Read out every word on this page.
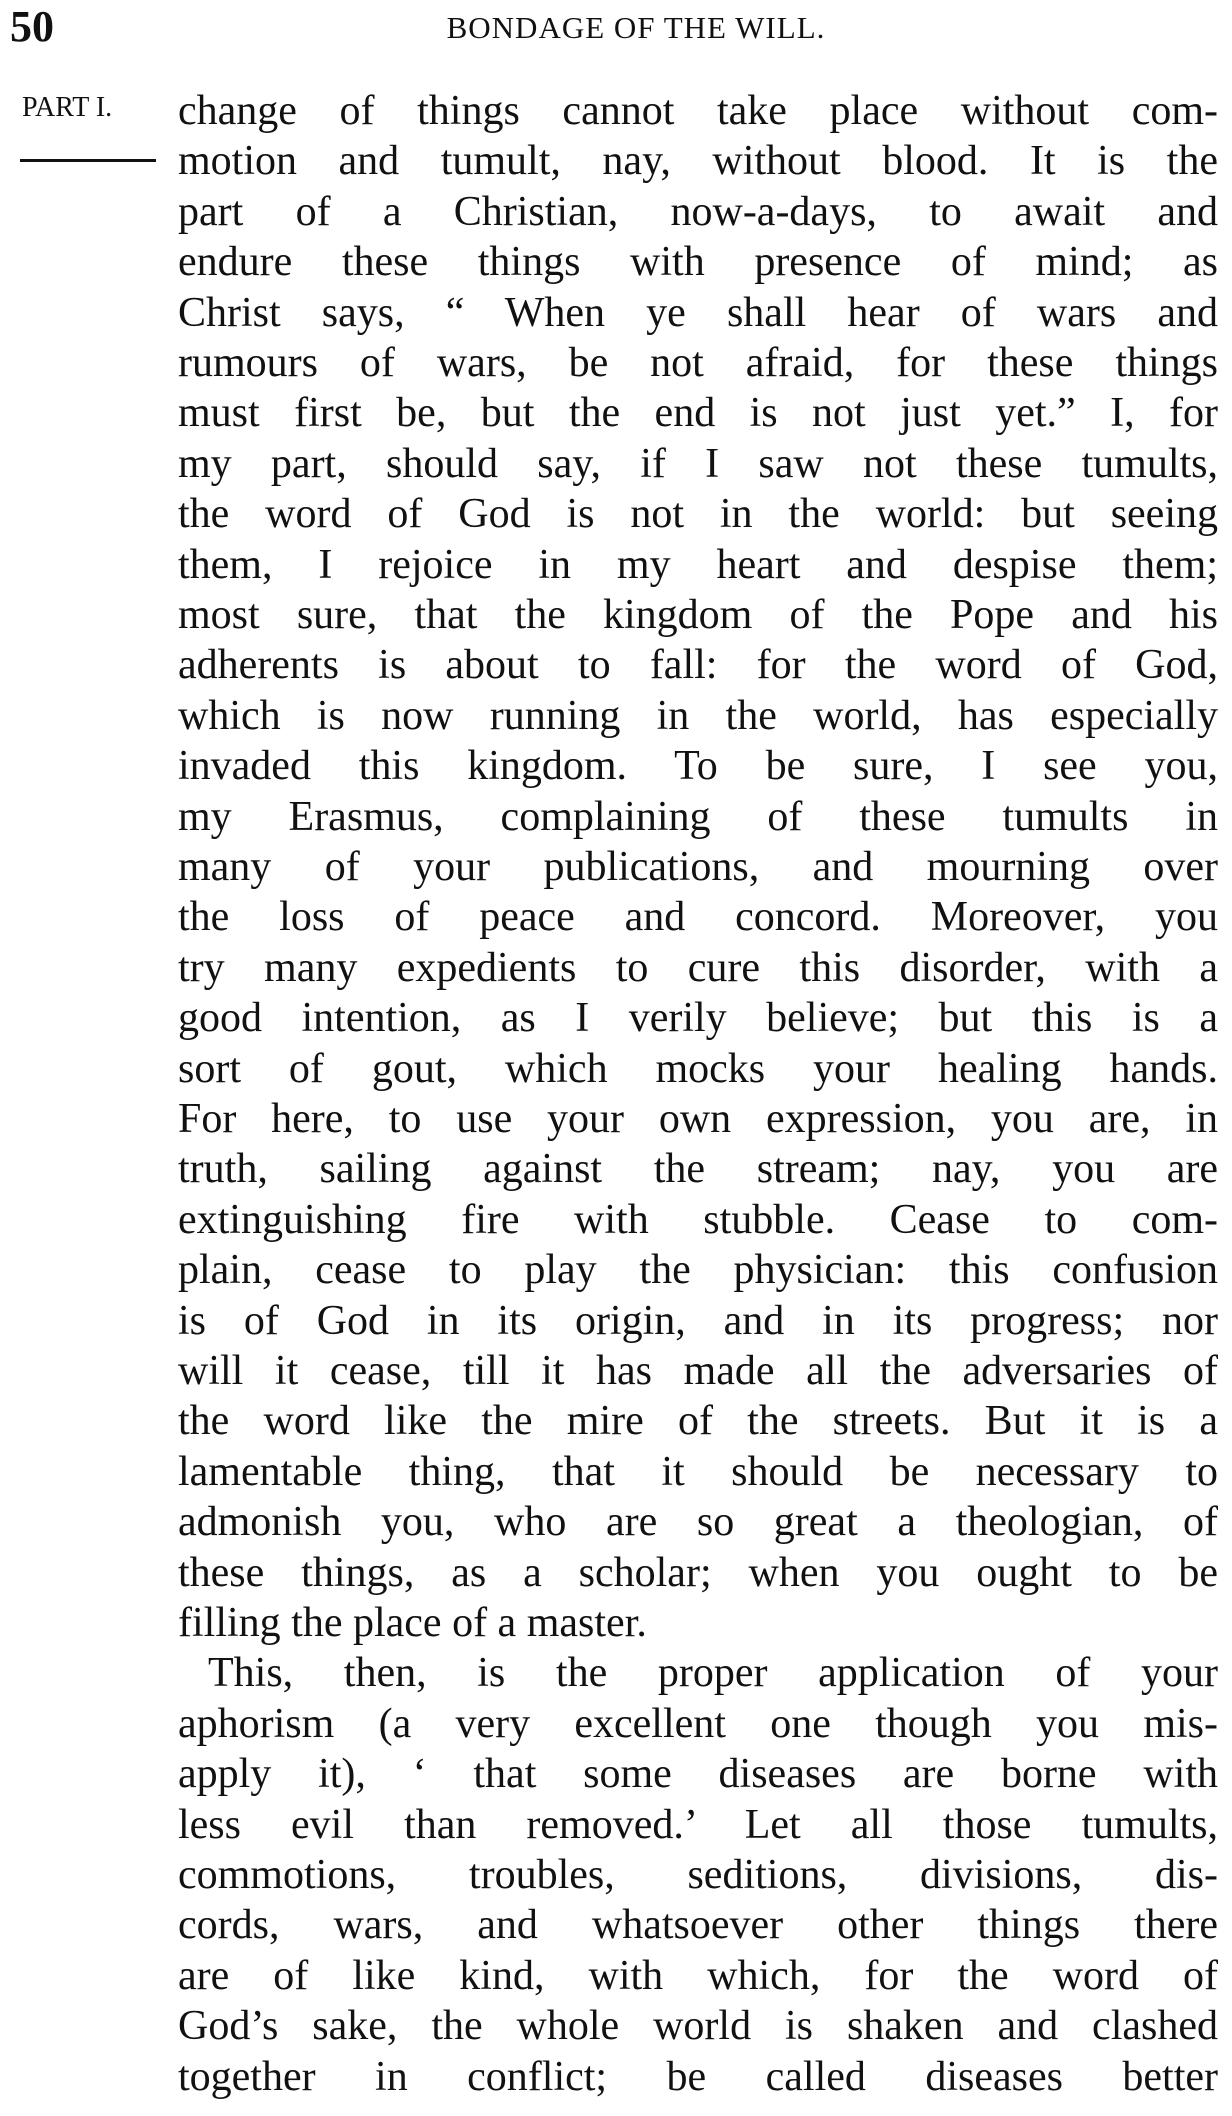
50	BONDAGE OF THE WILL.
PART I. change of things cannot take place without com-
motion and tumult, nay, without blood. It is the
part of a Christian, now-a-days, to await and
endure these things with presence of mind; as
Christ says, “ When ye shall hear of wars and
rumours of wars, be not afraid, for these things
must first be, but the end is not just yet.” I, for
my part, should say, if I saw not these tumults,
the word of God is not in the world: but seeing
them, I rejoice in my heart and despise them;
most sure, that the kingdom of the Pope and his
adherents is about to fall: for the word of God,
which is now running in the world, has especially
invaded this kingdom. To be sure, I see you,
my Erasmus, complaining of these tumults in
many of your publications, and mourning over
the loss of peace and concord. Moreover, you
try many expedients to cure this disorder, with a
good intention, as I verily believe; but this is a
sort of gout, which mocks your healing hands.
For here, to use your own expression, you are, in
truth, sailing against the stream; nay, you are
extinguishing fire with stubble. Cease to com-
plain, cease to play the physician: this confusion
is of God in its origin, and in its progress; nor
will it cease, till it has made all the adversaries of
the word like the mire of the streets. But it is a
lamentable thing, that it should be necessary to
admonish you, who are so great a theologian, of
these things, as a scholar; when you ought to be
filling the place of a master.
This, then, is the proper application of your
aphorism (a very excellent one though you mis-
apply it), ‘ that some diseases are borne with
less evil than removed.’ Let all those tumults,
commotions, troubles, seditions, divisions, dis-
cords, wars, and whatsoever other things there
are of like kind, with which, for the word of
God’s sake, the whole world is shaken and clashed
together in conflict; be called diseases better
